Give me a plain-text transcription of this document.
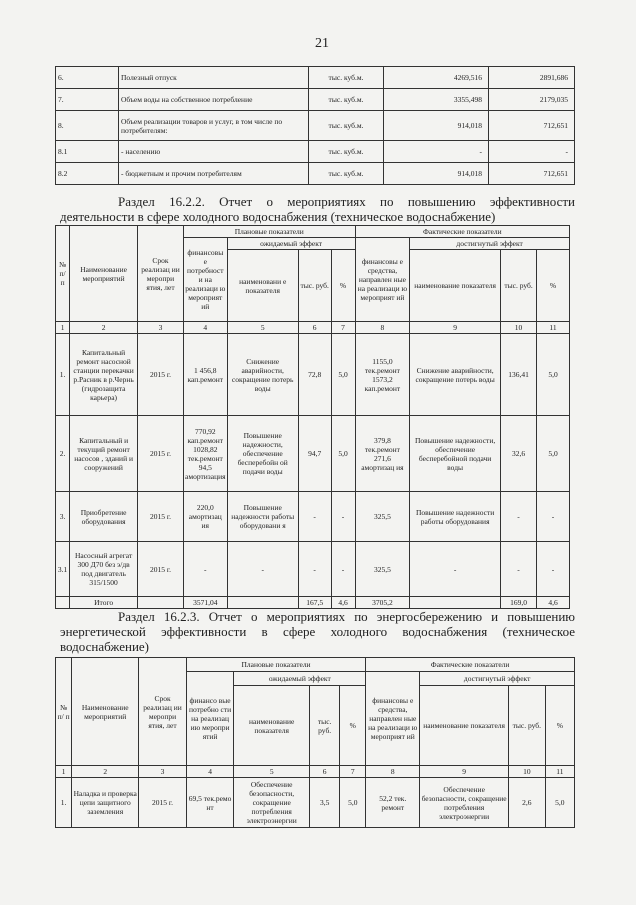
21
6.	Полезный отпуск	тыс. куб.м.	4269,516	2891,686
7.	Объем воды на собственное потребление	тыс. куб.м.	3355,498	2179,035
8.	Объем реализации товаров и услуг, в том числе по потребителям:	тыс. куб.м.	914,018	712,651
8.1	- населению	тыс. куб.м.	-	-
8.2	- бюджетным и прочим потребителям	тыс. куб.м.	914,018	712,651
Раздел 16.2.2. Отчет о мероприятиях по повышению эффективности деятельности в сфере холодного водоснабжения (техническое водоснабжение)
№ п/ п	Наименование мероприятий	Срок реализац ии меропри ятия, лет	Плановые показатели				Фактические показатели			
			финансовы е потребност и на реализаци ю мероприят ий	ожидаемый эффект			финансовы е средства, направлен ные на реализаци ю мероприят ий	достигнутый эффект		
				наименовани е показателя	тыс. руб.	%		наименование показателя	тыс. руб.	%
1	2	3	4	5	6	7	8	9	10	11
1.	Капитальный ремонт насосной станции перекачки р.Расник в р.Чернь (гидрозащита карьера)	2015 г.	1 456,8 кап.ремонт	Снижение аварийности, сокращение потерь воды	72,8	5,0	1155,0 тек.ремонт 1573,2 кап.ремонт	Снижение аварийности, сокращение потерь воды	136,41	5,0
2.	Капитальный и текущий ремонт насосов , зданий и сооружений	2015 г.	770,92 кап.ремонт 1028,82 тек.ремонт 94,5 амортизация	Повышение надежности, обеспечение бесперебойн ой подачи воды	94,7	5,0	379,8 тек.ремонт 271,6 амортизац ия	Повышение надежности, обеспечение бесперебойной подачи воды	32,6	5,0
3.	Приобретение оборудования	2015 г.	220,0 амортизац ия	Повышение надежности работы оборудовани я	-	-	325,5	Повышение надежности работы оборудования	-	-
3.1	Насосный агрегат 300 Д70 без э/дв под двигатель 315/1500	2015 г.	-	-	-	-	325,5	-	-	-
	Итого		3571,04		167,5	4,6	3705,2		169,0	4,6
Раздел 16.2.3. Отчет о мероприятиях по энергосбережению и повышению энергетической эффективности в сфере холодного водоснабжения (техническое водоснабжение)
№ п/ п	Наименование мероприятий	Срок реализац ии меропри ятия, лет	Плановые показатели				Фактические показатели			
			финансо вые потребно сти на реализац ию меропри ятий	ожидаемый эффект			финансовы е средства, направлен ные на реализаци ю мероприят ий	достигнутый эффект		
				наименование показателя	тыс. руб.	%		наименование показателя	тыс. руб.	%
1	2	3	4	5	6	7	8	9	10	11
1.	Наладка и проверка цепи защитного заземления	2015 г.	69,5 тек.ремо нт	Обеспечение безопасности, сокращение потребления электроэнергии	3,5	5,0	52,2 тек. ремонт	Обеспечение безопасности, сокращение потребления электроэнергии	2,6	5,0
